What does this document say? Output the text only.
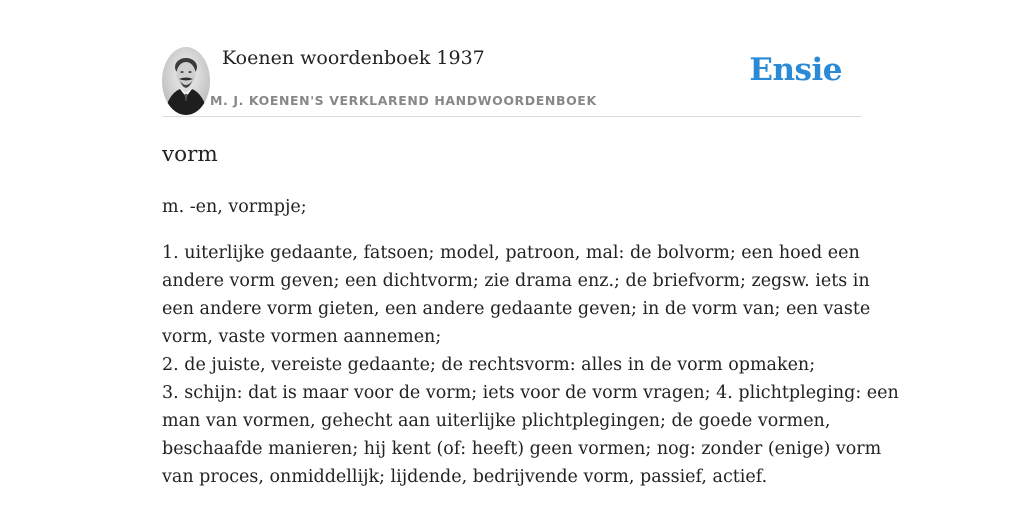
Koenen woordenboek 1937
M. J. KOENEN'S VERKLAREND HANDWOORDENBOEK
Ensie
vorm
m. -en, vormpje;
1. uiterlijke gedaante, fatsoen; model, patroon, mal: de bolvorm; een hoed een
andere vorm geven; een dichtvorm; zie drama enz.; de briefvorm; zegsw. iets in
een andere vorm gieten, een andere gedaante geven; in de vorm van; een vaste
vorm, vaste vormen aannemen;
2. de juiste, vereiste gedaante; de rechtsvorm: alles in de vorm opmaken;
3. schijn: dat is maar voor de vorm; iets voor de vorm vragen; 4. plichtpleging: een
man van vormen, gehecht aan uiterlijke plichtplegingen; de goede vormen,
beschaafde manieren; hij kent (of: heeft) geen vormen; nog: zonder (enige) vorm
van proces, onmiddellijk; lijdende, bedrijvende vorm, passief, actief.
